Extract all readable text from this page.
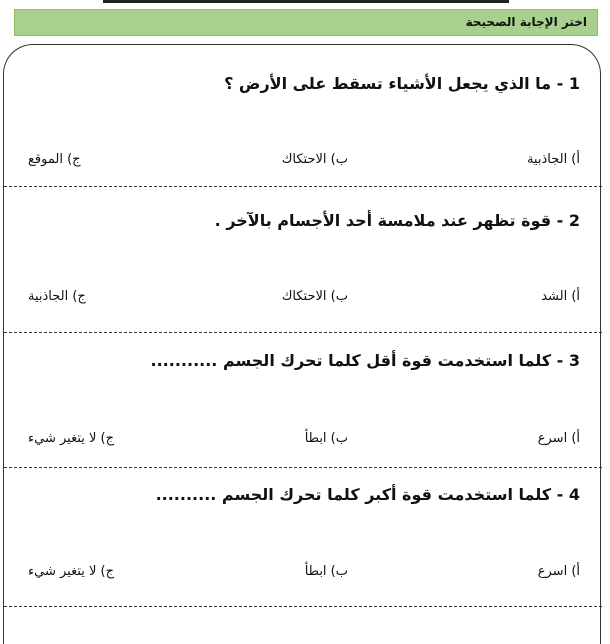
اختر الإجابة الصحيحة
1 - ما الذي يجعل الأشياء تسقط على الأرض ؟
أ) الجاذبية
ب) الاحتكاك
ج) الموقع
2 - قوة تظهر عند ملامسة أحد الأجسام بالآخر .
أ) الشد
ب) الاحتكاك
ج) الجاذبية
3 - كلما استخدمت قوة أقل كلما تحرك الجسم ...........
أ) اسرع
ب) ابطأ
ج) لا يتغير شيء
4 - كلما استخدمت قوة أكبر كلما تحرك الجسم ..........
أ) اسرع
ب) ابطأ
ج) لا يتغير شيء
